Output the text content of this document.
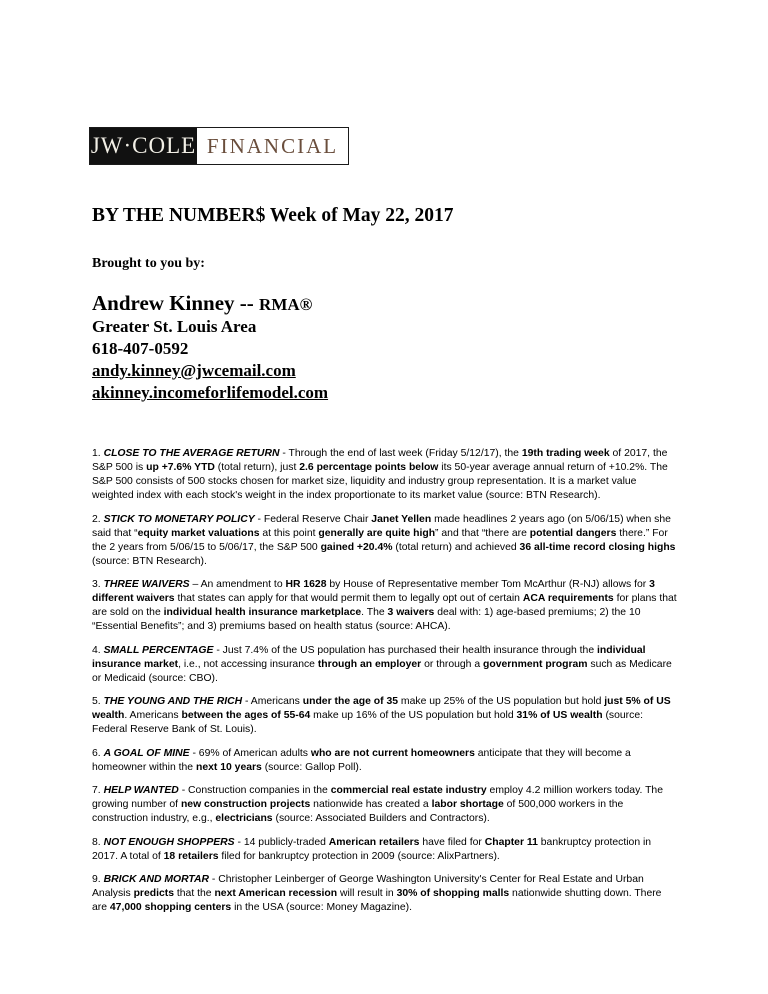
JW·COLE FINANCIAL
BY THE NUMBER$ Week of May 22, 2017
Brought to you by:
Andrew Kinney -- RMA®
Greater St. Louis Area
618-407-0592
andy.kinney@jwcemail.com
akinney.incomeforlifemodel.com

1. CLOSE TO THE AVERAGE RETURN - Through the end of last week (Friday 5/12/17), the 19th trading week of 2017, the S&P 500 is up +7.6% YTD (total return), just 2.6 percentage points below its 50-year average annual return of +10.2%. The S&P 500 consists of 500 stocks chosen for market size, liquidity and industry group representation. It is a market value weighted index with each stock's weight in the index proportionate to its market value (source: BTN Research).

2. STICK TO MONETARY POLICY - Federal Reserve Chair Janet Yellen made headlines 2 years ago (on 5/06/15) when she said that “equity market valuations at this point generally are quite high” and that “there are potential dangers there.” For the 2 years from 5/06/15 to 5/06/17, the S&P 500 gained +20.4% (total return) and achieved 36 all-time record closing highs (source: BTN Research).

3. THREE WAIVERS – An amendment to HR 1628 by House of Representative member Tom McArthur (R-NJ) allows for 3 different waivers that states can apply for that would permit them to legally opt out of certain ACA requirements for plans that are sold on the individual health insurance marketplace. The 3 waivers deal with: 1) age-based premiums; 2) the 10 “Essential Benefits”; and 3) premiums based on health status (source: AHCA).

4. SMALL PERCENTAGE - Just 7.4% of the US population has purchased their health insurance through the individual insurance market, i.e., not accessing insurance through an employer or through a government program such as Medicare or Medicaid (source: CBO).

5. THE YOUNG AND THE RICH - Americans under the age of 35 make up 25% of the US population but hold just 5% of US wealth. Americans between the ages of 55-64 make up 16% of the US population but hold 31% of US wealth (source: Federal Reserve Bank of St. Louis).

6. A GOAL OF MINE - 69% of American adults who are not current homeowners anticipate that they will become a homeowner within the next 10 years (source: Gallop Poll).

7. HELP WANTED - Construction companies in the commercial real estate industry employ 4.2 million workers today. The growing number of new construction projects nationwide has created a labor shortage of 500,000 workers in the construction industry, e.g., electricians (source: Associated Builders and Contractors).

8. NOT ENOUGH SHOPPERS - 14 publicly-traded American retailers have filed for Chapter 11 bankruptcy protection in 2017. A total of 18 retailers filed for bankruptcy protection in 2009 (source: AlixPartners).

9. BRICK AND MORTAR - Christopher Leinberger of George Washington University's Center for Real Estate and Urban Analysis predicts that the next American recession will result in 30% of shopping malls nationwide shutting down. There are 47,000 shopping centers in the USA (source: Money Magazine).
